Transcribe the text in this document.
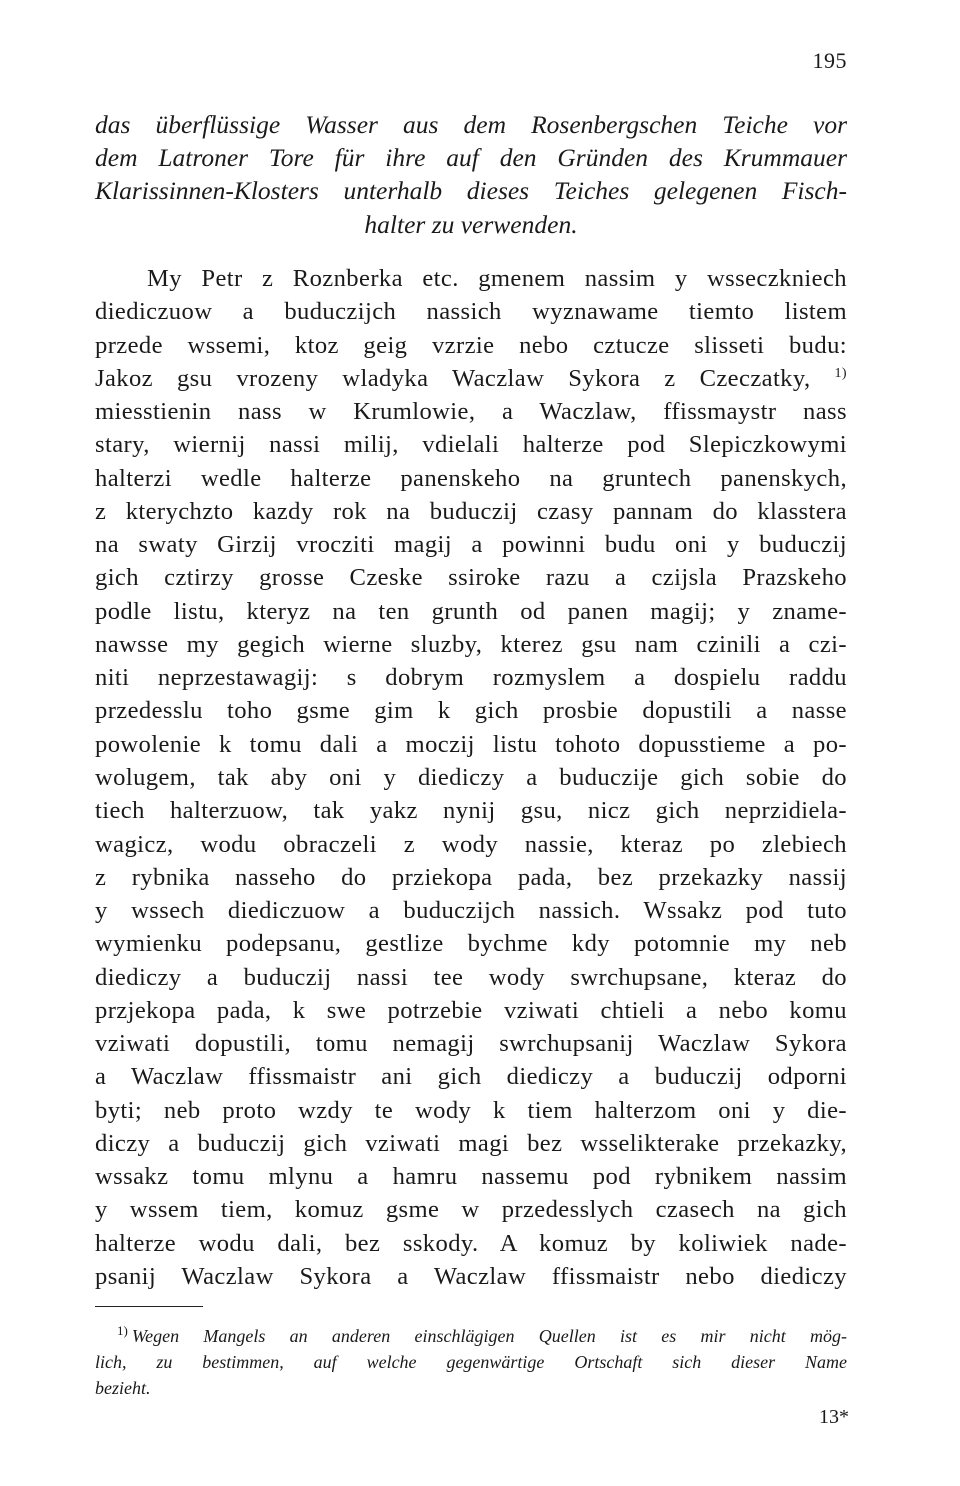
195
das überflüssige Wasser aus dem Rosenbergschen Teiche vor
dem Latroner Tore für ihre auf den Gründen des Krummauer
Klarissinnen-Klosters unterhalb dieses Teiches gelegenen Fisch-
halter zu verwenden.
My Petr z Roznberka etc. gmenem nassim y wsseczkniech
diediczuow a buduczijch nassich wyznawame tiemto listem
przede wssemi, ktoz geig vzrzie nebo cztucze slisseti budu:
Jakoz gsu vrozeny wladyka Waczlaw Sykora z Czeczatky, $^{1)}$
miesstienin nass w Krumlowie, a Waczlaw, ffissmaystr nass
stary, wiernij nassi milij, vdielali halterze pod Slepiczkowymi
halterzi wedle halterze panenskeho na gruntech panenskych,
z kterychzto kazdy rok na buduczij czasy pannam do klasstera
na swaty Girzij vrocziti magij a powinni budu oni y buduczij
gich cztirzy grosse Czeske ssiroke razu a czijsla Prazskeho
podle listu, kteryz na ten grunth od panen magij; y zname-
nawsse my gegich wierne sluzby, kterez gsu nam czinili a czi-
niti neprzestawagij: s dobrym rozmyslem a dospielu raddu
przedesslu toho gsme gim k gich prosbie dopustili a nasse
powolenie k tomu dali a moczij listu tohoto dopusstieme a po-
wolugem, tak aby oni y diediczy a buduczije gich sobie do
tiech halterzuow, tak yakz nynij gsu, nicz gich neprzidiela-
wagicz, wodu obraczeli z wody nassie, kteraz po zlebiech
z rybnika nasseho do prziekopa pada, bez przekazky nassij
y wssech diediczuow a buduczijch nassich. Wssakz pod tuto
wymienku podepsanu, gestlize bychme kdy potomnie my neb
diediczy a buduczij nassi tee wody swrchupsane, kteraz do
przjekopa pada, k swe potrzebie vziwati chtieli a nebo komu
vziwati dopustili, tomu nemagij swrchupsanij Waczlaw Sykora
a Waczlaw ffissmaistr ani gich diediczy a buduczij odporni
byti; neb proto wzdy te wody k tiem halterzom oni y die-
diczy a buduczij gich vziwati magi bez wsselikterake przekazky,
wssakz tomu mlynu a hamru nassemu pod rybnikem nassim
y wssem tiem, komuz gsme w przedesslych czasech na gich
halterze wodu dali, bez sskody. A komuz by koliwiek nade-
psanij Waczlaw Sykora a Waczlaw ffissmaistr nebo diediczy
$^{1)}$ Wegen Mangels an anderen einschlägigen Quellen ist es mir nicht mög-
lich, zu bestimmen, auf welche gegenwärtige Ortschaft sich dieser Name
bezieht.
13*
